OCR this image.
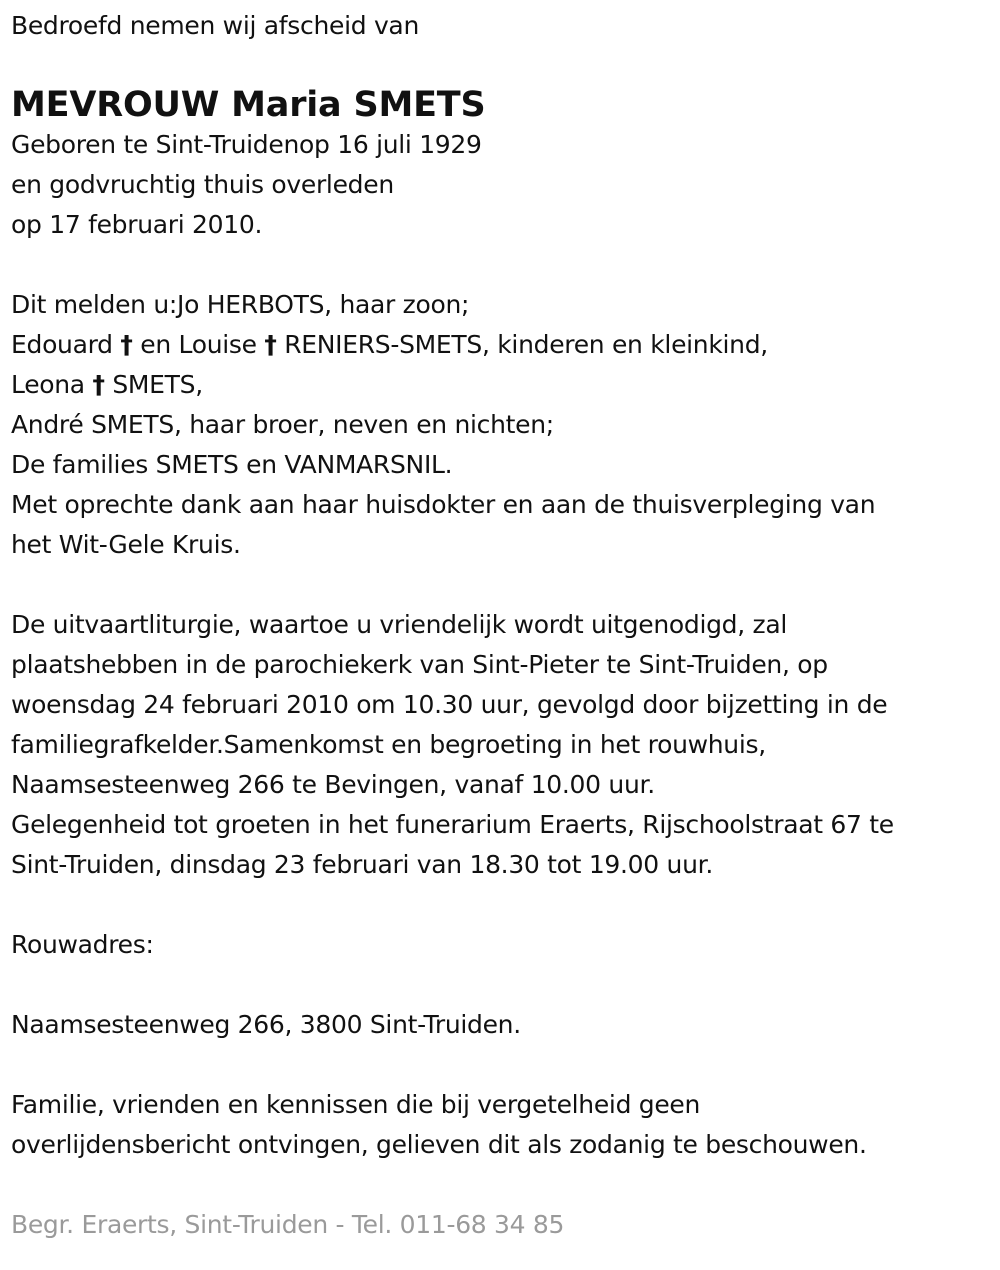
Bedroefd nemen wij afscheid van
MEVROUW Maria SMETS
Geboren te Sint-Truidenop 16 juli 1929
en godvruchtig thuis overleden
op 17 februari 2010.
Dit melden u:Jo HERBOTS, haar zoon;
Edouard † en Louise † RENIERS-SMETS, kinderen en kleinkind,
Leona † SMETS,
André SMETS, haar broer, neven en nichten;
De families SMETS en VANMARSNIL.
Met oprechte dank aan haar huisdokter en aan de thuisverpleging van
het Wit-Gele Kruis.
De uitvaartliturgie, waartoe u vriendelijk wordt uitgenodigd, zal
plaatshebben in de parochiekerk van Sint-Pieter te Sint-Truiden, op
woensdag 24 februari 2010 om 10.30 uur, gevolgd door bijzetting in de
familiegrafkelder.Samenkomst en begroeting in het rouwhuis,
Naamsesteenweg 266 te Bevingen, vanaf 10.00 uur.
Gelegenheid tot groeten in het funerarium Eraerts, Rijschoolstraat 67 te
Sint-Truiden, dinsdag 23 februari van 18.30 tot 19.00 uur.
Rouwadres:
Naamsesteenweg 266, 3800 Sint-Truiden.
Familie, vrienden en kennissen die bij vergetelheid geen
overlijdensbericht ontvingen, gelieven dit als zodanig te beschouwen.
Begr. Eraerts, Sint-Truiden - Tel. 011-68 34 85
